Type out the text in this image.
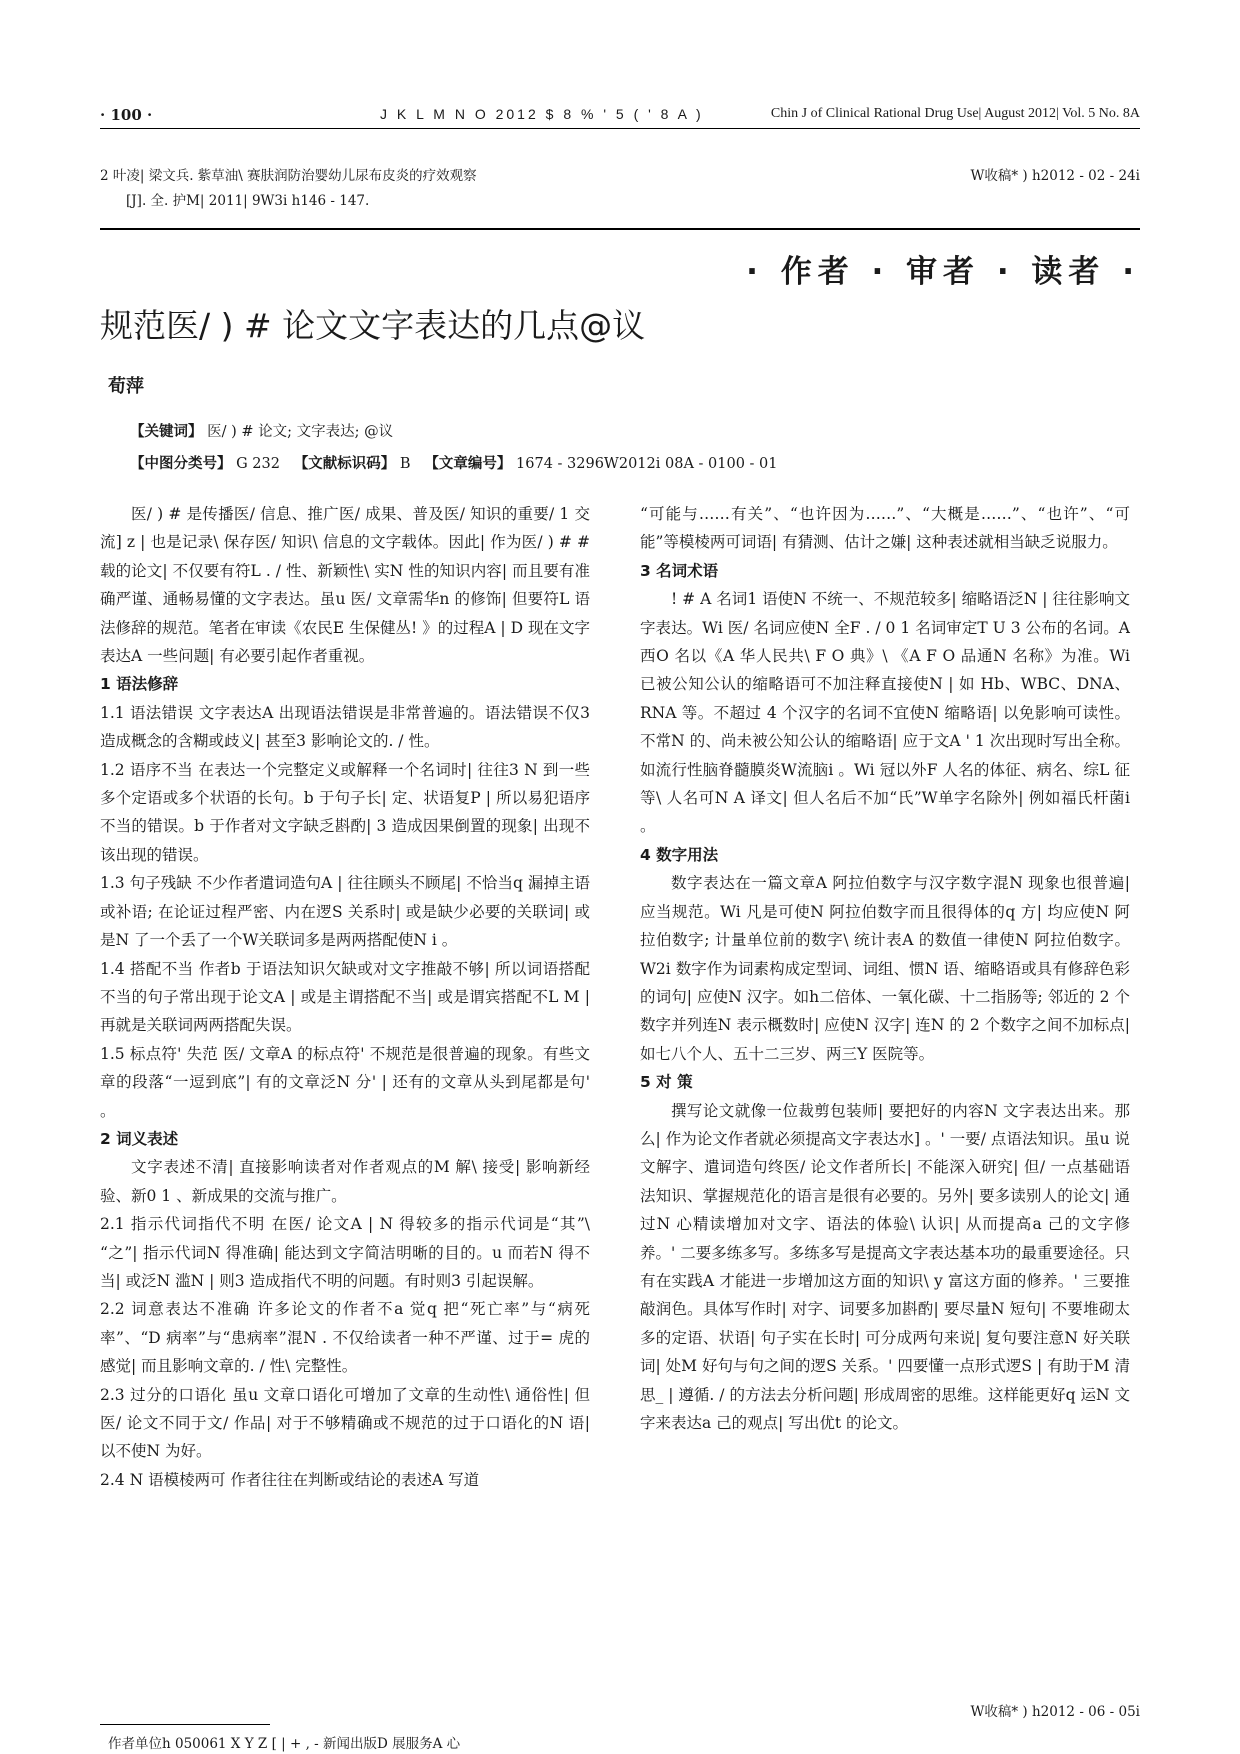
· 100 ·	J K L M N O 2012 $ 8 % ' 5 ( ' 8 A )	Chin J of Clinical Rational Drug Use| August 2012| Vol. 5 No. 8A
2 叶凌| 梁文兵. 紫草油\ 赛肤润防治婴幼儿尿布皮炎的疗效观察
[J]. 全. 护M| 2011| 9W3i h146 - 147.
W收稿* ) h2012 - 02 - 24i
· 作者 · 审者 · 读者 ·
规范医/ ) # 论文文字表达的几点@议
荀萍
【关键词】 医/ ) # 论文; 文字表达; @议
【中图分类号】 G 232 【文献标识码】 B 【文章编号】 1674 - 3296W2012i 08A - 0100 - 01

医/ ) # 是传播医/ 信息、推广医/ 成果、普及医/ 知识的重要/ 1 交流] z | 也是记录\ 保存医/ 知识\ 信息的文字载体。因此| 作为医/ ) # # 载的论文| 不仅要有符L . / 性、新颖性\ 实N 性的知识内容| 而且要有准确严谨、通畅易懂的文字表达。虽u 医/ 文章需华n 的修饰| 但要符L 语法修辞的规范。笔者在审读《农民E 生保健丛! 》的过程A | D 现在文字表达A 一些问题| 有必要引起作者重视。

1 语法修辞

1.1 语法错误 文字表达A 出现语法错误是非常普遍的。语法错误不仅3 造成概念的含糊或歧义| 甚至3 影响论文的. / 性。

1.2 语序不当 在表达一个完整定义或解释一个名词时| 往往3 N 到一些多个定语或多个状语的长句。b 于句子长| 定、状语复P | 所以易犯语序不当的错误。b 于作者对文字缺乏斟酌| 3 造成因果倒置的现象| 出现不该出现的错误。

1.3 句子残缺 不少作者遣词造句A | 往往顾头不顾尾| 不恰当q 漏掉主语或补语; 在论证过程严密、内在逻S 关系时| 或是缺少必要的关联词| 或是N 了一个丢了一个W关联词多是两两搭配使N i 。

1.4 搭配不当 作者b 于语法知识欠缺或对文字推敲不够| 所以词语搭配不当的句子常出现于论文A | 或是主谓搭配不当| 或是谓宾搭配不L M | 再就是关联词两两搭配失误。

1.5 标点符' 失范 医/ 文章A 的标点符' 不规范是很普遍的现象。有些文章的段落“一逗到底”| 有的文章泛N 分' | 还有的文章从头到尾都是句' 。

2 词义表述

文字表述不清| 直接影响读者对作者观点的M 解\ 接受| 影响新经验、新0 1 、新成果的交流与推广。

2.1 指示代词指代不明 在医/ 论文A | N 得较多的指示代词是“其”\ “之”| 指示代词N 得准确| 能达到文字简洁明晰的目的。u 而若N 得不当| 或泛N 滥N | 则3 造成指代不明的问题。有时则3 引起误解。

2.2 词意表达不准确 许多论文的作者不a 觉q 把“死亡率”与“病死率”、“D 病率”与“患病率”混N . 不仅给读者一种不严谨、过于= 虎的感觉| 而且影响文章的. / 性\ 完整性。

2.3 过分的口语化 虽u 文章口语化可增加了文章的生动性\ 通俗性| 但医/ 论文不同于文/ 作品| 对于不够精确或不规范的过于口语化的N 语| 以不使N 为好。

2.4 N 语模棱两可 作者往往在判断或结论的表述A 写道

“可能与……有关”、“也许因为……”、“大概是……”、“也许”、“可能”等模棱两可词语| 有猜测、估计之嫌| 这种表述就相当缺乏说服力。

3 名词术语

! # A 名词1 语使N 不统一、不规范较多| 缩略语泛N | 往往影响文字表达。Wi 医/ 名词应使N 全F . / 0 1 名词审定T U 3 公布的名词。A 西O 名以《A 华人民共\ F O 典》\ 《A F O 品通N 名称》为准。Wi 已被公知公认的缩略语可不加注释直接使N | 如 Hb、WBC、DNA、RNA 等。不超过 4 个汉字的名词不宜使N 缩略语| 以免影响可读性。不常N 的、尚未被公知公认的缩略语| 应于文A ' 1 次出现时写出全称。如流行性脑脊髓膜炎W流脑i 。Wi 冠以外F 人名的体征、病名、综L 征等\ 人名可N A 译文| 但人名后不加“氏”W单字名除外| 例如福氏杆菌i 。

4 数字用法

数字表达在一篇文章A 阿拉伯数字与汉字数字混N 现象也很普遍| 应当规范。Wi 凡是可使N 阿拉伯数字而且很得体的q 方| 均应使N 阿拉伯数字; 计量单位前的数字\ 统计表A 的数值一律使N 阿拉伯数字。W2i 数字作为词素构成定型词、词组、惯N 语、缩略语或具有修辞色彩的词句| 应使N 汉字。如h二倍体、一氧化碳、十二指肠等; 邻近的 2 个数字并列连N 表示概数时| 应使N 汉字| 连N 的 2 个数字之间不加标点| 如七八个人、五十二三岁、两三Y 医院等。

5 对 策

撰写论文就像一位裁剪包装师| 要把好的内容N 文字表达出来。那么| 作为论文作者就必须提高文字表达水] 。' 一要/ 点语法知识。虽u 说文解字、遣词造句终医/ 论文作者所长| 不能深入研究| 但/ 一点基础语法知识、掌握规范化的语言是很有必要的。另外| 要多读别人的论文| 通过N 心精读增加对文字、语法的体验\ 认识| 从而提高a 己的文字修养。' 二要多练多写。多练多写是提高文字表达基本功的最重要途径。只有在实践A 才能进一步增加这方面的知识\ y 富这方面的修养。' 三要推敲润色。具体写作时| 对字、词要多加斟酌| 要尽量N 短句| 不要堆砌太多的定语、状语| 句子实在长时| 可分成两句来说| 复句要注意N 好关联词| 处M 好句与句之间的逻S 关系。' 四要懂一点形式逻S | 有助于M 清思_ | 遵循. / 的方法去分析问题| 形成周密的思维。这样能更好q 运N 文字来表达a 己的观点| 写出优t 的论文。

W收稿* ) h2012 - 06 - 05i
作者单位h 050061 X Y Z [ | + , - 新闻出版D 展服务A 心
